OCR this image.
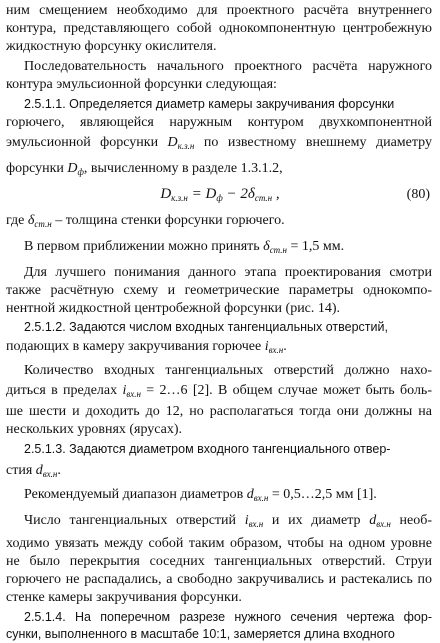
ним смещением необходимо для проектного расчёта внутреннего
контура, представляющего собой однокомпонентную центробежную
жидкостную форсунку окислителя.
Последовательность начального проектного расчёта наружного
контура эмульсионной форсунки следующая:
2.5.1.1. Определяется диаметр камеры закручивания форсунки
горючего, являющейся наружным контуром двухкомпонентной
эмульсионной форсунки $D_{к.з.н}$ по известному внешнему диаметру
форсунки $D_ф$, вычисленному в разделе 1.3.1.2,
$D_{к.з.н} = D_ф - 2\delta_{ст.н}$ ,	(80)
где $\delta_{ст.н}$ – толщина стенки форсунки горючего.
В первом приближении можно принять $\delta_{ст.н} = 1,5$ мм.
Для лучшего понимания данного этапа проектирования смотри
также расчётную схему и геометрические параметры однокомпо-
нентной жидкостной центробежной форсунки (рис. 14).
2.5.1.2. Задаются числом входных тангенциальных отверстий,
подающих в камеру закручивания горючее $i_{вх.н}$.
Количество входных тангенциальных отверстий должно нахо-
диться в пределах $i_{вх.н}$ = 2…6 [2]. В общем случае может быть боль-
ше шести и доходить до 12, но располагаться тогда они должны на
нескольких уровнях (ярусах).
2.5.1.3. Задаются диаметром входного тангенциального отвер-
стия $d_{вх.н}$.
Рекомендуемый диапазон диаметров $d_{вх.н}$ = 0,5…2,5 мм [1].
Число тангенциальных отверстий $i_{вх.н}$ и их диаметр $d_{вх.н}$ необ-
ходимо увязать между собой таким образом, чтобы на одном уровне
не было перекрытия соседних тангенциальных отверстий. Струи
горючего не распадались, а свободно закручивались и растекались по
стенке камеры закручивания форсунки.
2.5.1.4. На поперечном разрезе нужного сечения чертежа фор-
сунки, выполненного в масштабе 10:1, замеряется длина входного
